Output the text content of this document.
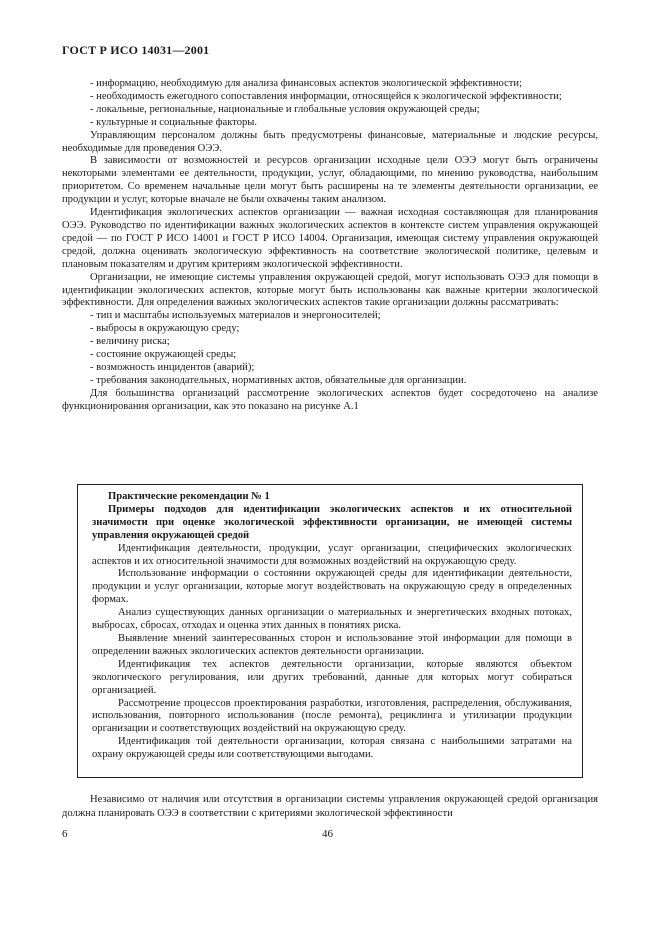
ГОСТ Р ИСО 14031—2001

- информацию, необходимую для анализа финансовых аспектов экологической эффективности;

- необходимость ежегодного сопоставления информации, относящейся к экологической эффективности;

- локальные, региональные, национальные и глобальные условия окружающей среды;

- культурные и социальные факторы.

Управляющим персоналом должны быть предусмотрены финансовые, материальные и людские ресурсы, необходимые для проведения ОЭЭ.

В зависимости от возможностей и ресурсов организации исходные цели ОЭЭ могут быть ограничены некоторыми элементами ее деятельности, продукции, услуг, обладающими, по мнению руководства, наибольшим приоритетом. Со временем начальные цели могут быть расширены на те элементы деятельности организации, ее продукции и услуг, которые вначале не были охвачены таким анализом.

Идентификация экологических аспектов организации — важная исходная составляющая для планирования ОЭЭ. Руководство по идентификации важных экологических аспектов в контексте систем управления окружающей средой — по ГОСТ Р ИСО 14001 и ГОСТ Р ИСО 14004. Организация, имеющая систему управления окружающей средой, должна оценивать экологическую эффективность на соответствие экологической политике, целевым и плановым показателям и другим критериям экологической эффективности.

Организации, не имеющие системы управления окружающей средой, могут использовать ОЭЭ для помощи в идентификации экологических аспектов, которые могут быть использованы как важные критерии экологической эффективности. Для определения важных экологических аспектов такие организации должны рассматривать:

- тип и масштабы используемых материалов и энергоносителей;

- выбросы в окружающую среду;

- величину риска;

- состояние окружающей среды;

- возможность инцидентов (аварий);

- требования законодательных, нормативных актов, обязательные для организации.

Для большинства организаций рассмотрение экологических аспектов будет сосредоточено на анализе функционирования организации, как это показано на рисунке А.1

Практические рекомендации № 1

Примеры подходов для идентификации экологических аспектов и их относительной значимости при оценке экологической эффективности организации, не имеющей системы управления окружающей средой

Идентификация деятельности, продукции, услуг организации, специфических экологических аспектов и их относительной значимости для возможных воздействий на окружающую среду.

Использование информации о состоянии окружающей среды для идентификации деятельности, продукции и услуг организации, которые могут воздействовать на окружающую среду в определенных формах.

Анализ существующих данных организации о материальных и энергетических входных потоках, выбросах, сбросах, отходах и оценка этих данных в понятиях риска.

Выявление мнений заинтересованных сторон и использование этой информации для помощи в определении важных экологических аспектов деятельности организации.

Идентификация тех аспектов деятельности организации, которые являются объектом экологического регулирования, или других требований, данные для которых могут собираться организацией.

Рассмотрение процессов проектирования разработки, изготовления, распределения, обслуживания, использования, повторного использования (после ремонта), рециклинга и утилизации продукции организации и соответствующих воздействий на окружающую среду.

Идентификация той деятельности организации, которая связана с наибольшими затратами на охрану окружающей среды или соответствующими выгодами.

Независимо от наличия или отсутствия в организации системы управления окружающей средой организация должна планировать ОЭЭ в соответствии с критериями экологической эффективности

6	46
